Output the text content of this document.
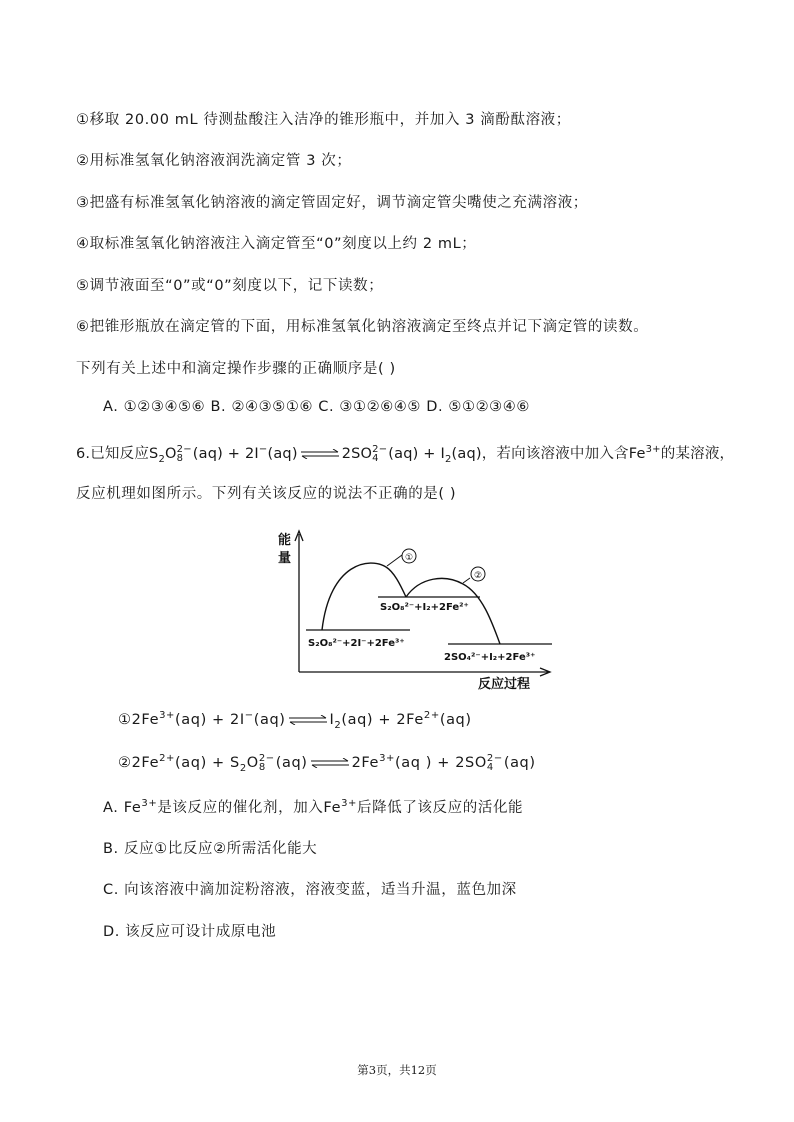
①移取 20.00 mL 待测盐酸注入洁净的锥形瓶中，并加入 3 滴酚酞溶液；
②用标准氢氧化钠溶液润洗滴定管 3 次；
③把盛有标准氢氧化钠溶液的滴定管固定好，调节滴定管尖嘴使之充满溶液；
④取标准氢氧化钠溶液注入滴定管至“0”刻度以上约 2 mL；
⑤调节液面至“0”或“0”刻度以下，记下读数；
⑥把锥形瓶放在滴定管的下面，用标准氢氧化钠溶液滴定至终点并记下滴定管的读数。
下列有关上述中和滴定操作步骤的正确顺序是( )
A. ①②③④⑤⑥ B. ②④③⑤①⑥ C. ③①②⑥④⑤ D. ⑤①②③④⑥
6.已知反应$S_2O$ 2−
8 (aq) + 2I−(aq) ⇌ 2SO 2−
4 $(aq) + I_2(aq)$，若向该溶液中加入含$Fe^{3+}$的某溶液，
反应机理如图所示。下列有关该反应的说法不正确的是( )
能
量
反应过程
①
②
S₂O₈²⁻+I₂+2Fe²⁺
S₂O₈²⁻+2I⁻+2Fe³⁺
2SO₄²⁻+I₂+2Fe³⁺
$①2Fe^{3+}(aq) + 2I^-(aq)$ ⇌ $I_2(aq) + 2Fe^{2+}(aq)$
$②2Fe^{2+}(aq) + S_2O$ 2−
8 (aq) ⇌ $2Fe^{3+}(aq$ ) + 2SO 2−
4 (aq)
A. $Fe^{3+}$是该反应的催化剂，加入$Fe^{3+}$后降低了该反应的活化能
B. 反应①比反应②所需活化能大
C. 向该溶液中滴加淀粉溶液，溶液变蓝，适当升温，蓝色加深
D. 该反应可设计成原电池
第3页，共12页
